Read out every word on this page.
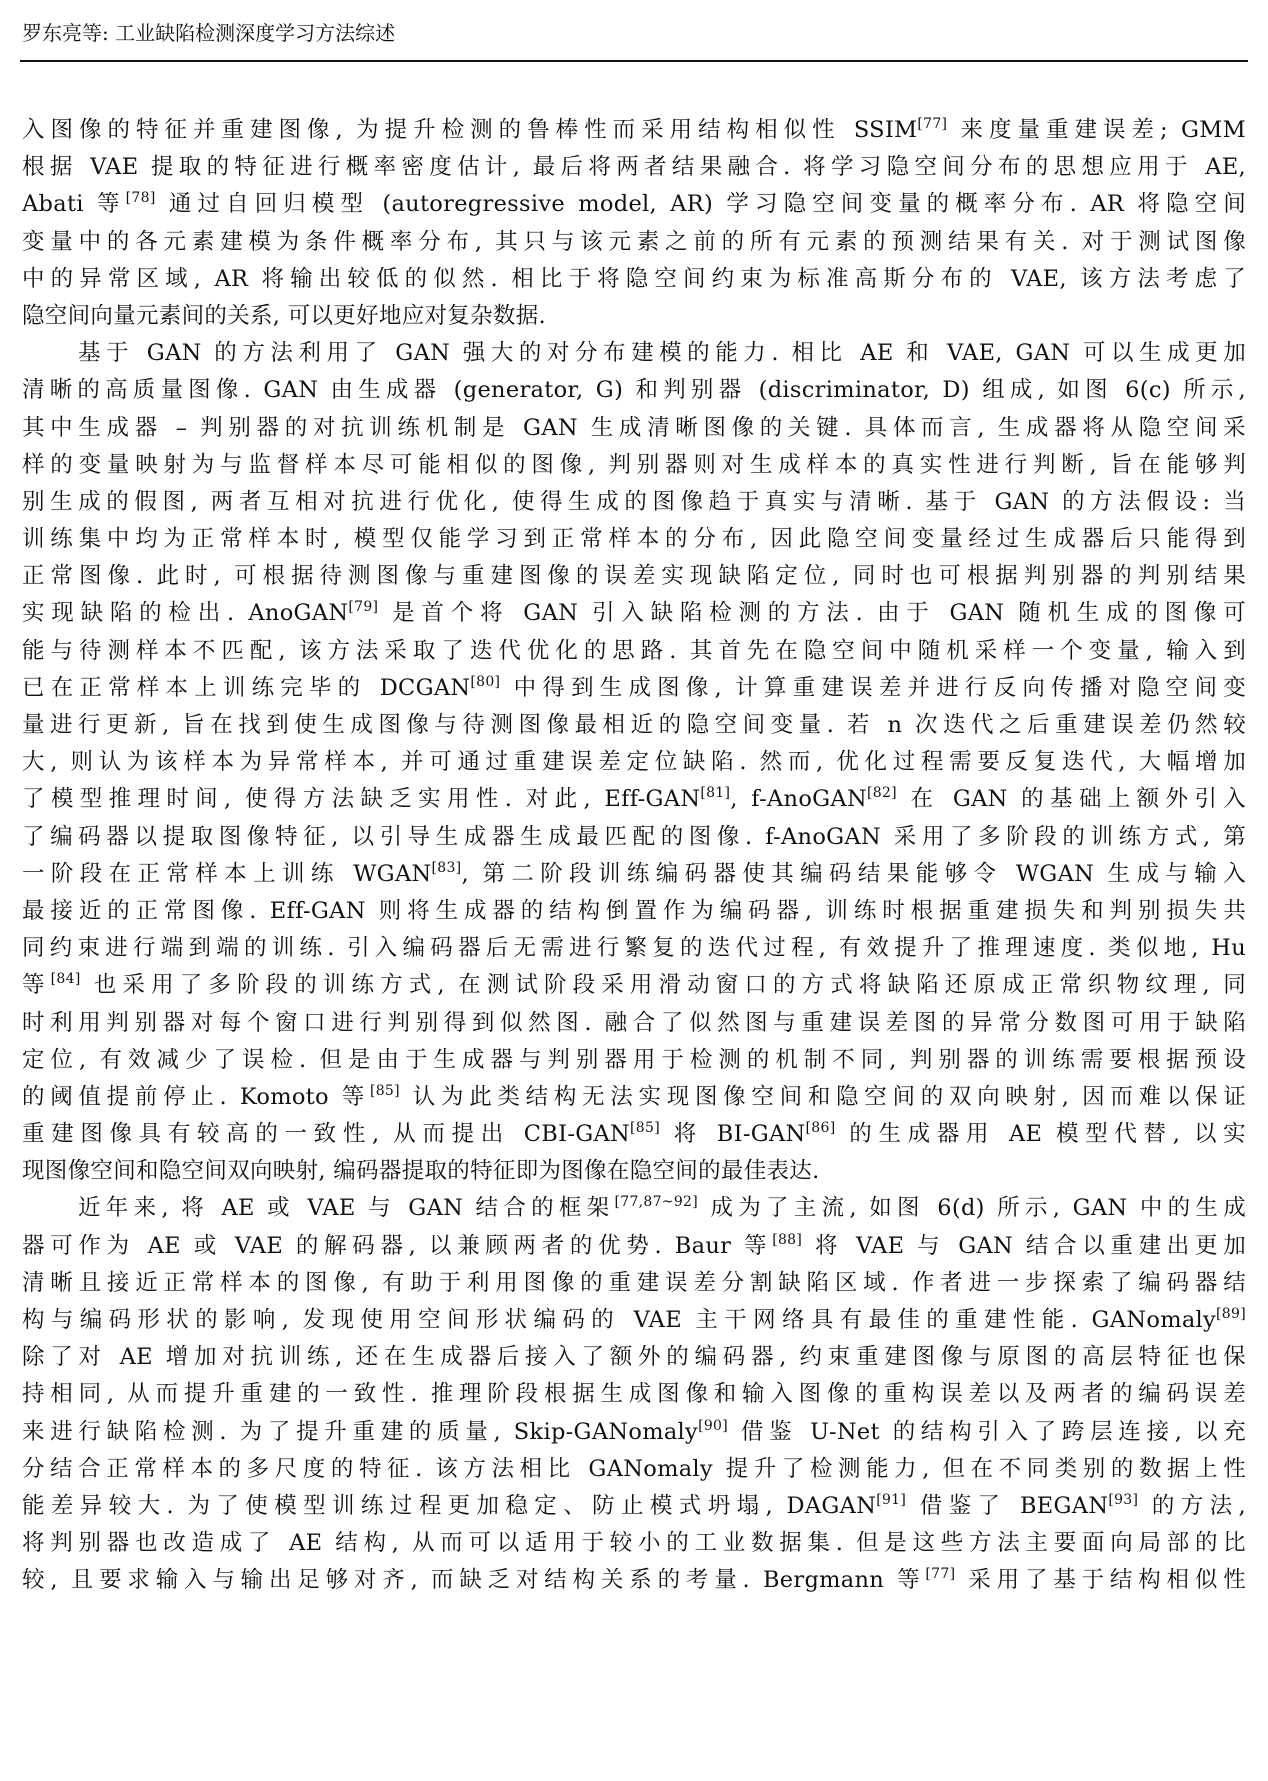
罗东亮等: 工业缺陷检测深度学习方法综述
入图像的特征并重建图像, 为提升检测的鲁棒性而采用结构相似性 SSIM[77] 来度量重建误差; GMM
根据 VAE 提取的特征进行概率密度估计, 最后将两者结果融合. 将学习隐空间分布的思想应用于 AE,
Abati 等[78] 通过自回归模型 (autoregressive model, AR) 学习隐空间变量的概率分布. AR 将隐空间
变量中的各元素建模为条件概率分布, 其只与该元素之前的所有元素的预测结果有关. 对于测试图像
中的异常区域, AR 将输出较低的似然. 相比于将隐空间约束为标准高斯分布的 VAE, 该方法考虑了
隐空间向量元素间的关系, 可以更好地应对复杂数据.
基于 GAN 的方法利用了 GAN 强大的对分布建模的能力. 相比 AE 和 VAE, GAN 可以生成更加
清晰的高质量图像. GAN 由生成器 (generator, G) 和判别器 (discriminator, D) 组成, 如图 6(c) 所示,
其中生成器 – 判别器的对抗训练机制是 GAN 生成清晰图像的关键. 具体而言, 生成器将从隐空间采
样的变量映射为与监督样本尽可能相似的图像, 判别器则对生成样本的真实性进行判断, 旨在能够判
别生成的假图, 两者互相对抗进行优化, 使得生成的图像趋于真实与清晰. 基于 GAN 的方法假设: 当
训练集中均为正常样本时, 模型仅能学习到正常样本的分布, 因此隐空间变量经过生成器后只能得到
正常图像. 此时, 可根据待测图像与重建图像的误差实现缺陷定位, 同时也可根据判别器的判别结果
实现缺陷的检出. AnoGAN[79] 是首个将 GAN 引入缺陷检测的方法. 由于 GAN 随机生成的图像可
能与待测样本不匹配, 该方法采取了迭代优化的思路. 其首先在隐空间中随机采样一个变量, 输入到
已在正常样本上训练完毕的 DCGAN[80] 中得到生成图像, 计算重建误差并进行反向传播对隐空间变
量进行更新, 旨在找到使生成图像与待测图像最相近的隐空间变量. 若 n 次迭代之后重建误差仍然较
大, 则认为该样本为异常样本, 并可通过重建误差定位缺陷. 然而, 优化过程需要反复迭代, 大幅增加
了模型推理时间, 使得方法缺乏实用性. 对此, Eff-GAN[81], f-AnoGAN[82] 在 GAN 的基础上额外引入
了编码器以提取图像特征, 以引导生成器生成最匹配的图像. f-AnoGAN 采用了多阶段的训练方式, 第
一阶段在正常样本上训练 WGAN[83], 第二阶段训练编码器使其编码结果能够令 WGAN 生成与输入
最接近的正常图像. Eff-GAN 则将生成器的结构倒置作为编码器, 训练时根据重建损失和判别损失共
同约束进行端到端的训练. 引入编码器后无需进行繁复的迭代过程, 有效提升了推理速度. 类似地, Hu
等[84] 也采用了多阶段的训练方式, 在测试阶段采用滑动窗口的方式将缺陷还原成正常织物纹理, 同
时利用判别器对每个窗口进行判别得到似然图. 融合了似然图与重建误差图的异常分数图可用于缺陷
定位, 有效减少了误检. 但是由于生成器与判别器用于检测的机制不同, 判别器的训练需要根据预设
的阈值提前停止. Komoto 等[85] 认为此类结构无法实现图像空间和隐空间的双向映射, 因而难以保证
重建图像具有较高的一致性, 从而提出 CBI-GAN[85] 将 BI-GAN[86] 的生成器用 AE 模型代替, 以实
现图像空间和隐空间双向映射, 编码器提取的特征即为图像在隐空间的最佳表达.
近年来, 将 AE 或 VAE 与 GAN 结合的框架[77,87~92] 成为了主流, 如图 6(d) 所示, GAN 中的生成
器可作为 AE 或 VAE 的解码器, 以兼顾两者的优势. Baur 等[88] 将 VAE 与 GAN 结合以重建出更加
清晰且接近正常样本的图像, 有助于利用图像的重建误差分割缺陷区域. 作者进一步探索了编码器结
构与编码形状的影响, 发现使用空间形状编码的 VAE 主干网络具有最佳的重建性能. GANomaly[89]
除了对 AE 增加对抗训练, 还在生成器后接入了额外的编码器, 约束重建图像与原图的高层特征也保
持相同, 从而提升重建的一致性. 推理阶段根据生成图像和输入图像的重构误差以及两者的编码误差
来进行缺陷检测. 为了提升重建的质量, Skip-GANomaly[90] 借鉴 U-Net 的结构引入了跨层连接, 以充
分结合正常样本的多尺度的特征. 该方法相比 GANomaly 提升了检测能力, 但在不同类别的数据上性
能差异较大. 为了使模型训练过程更加稳定、防止模式坍塌, DAGAN[91] 借鉴了 BEGAN[93] 的方法,
将判别器也改造成了 AE 结构, 从而可以适用于较小的工业数据集. 但是这些方法主要面向局部的比
较, 且要求输入与输出足够对齐, 而缺乏对结构关系的考量. Bergmann 等[77] 采用了基于结构相似性
